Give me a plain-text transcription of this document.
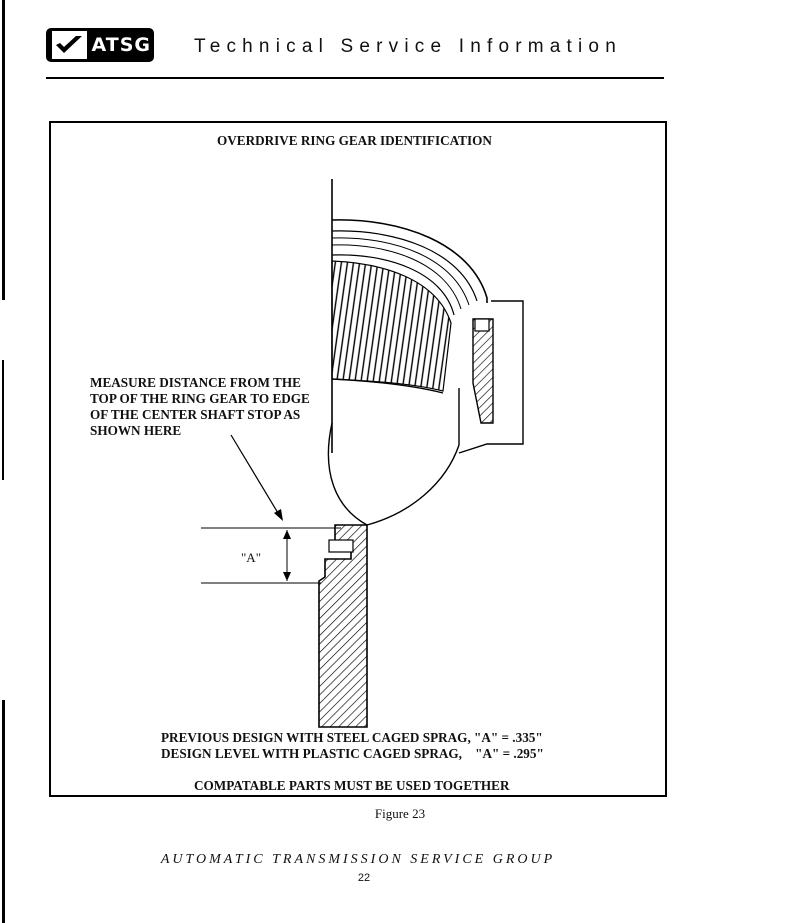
ATSG Technical Service Information
OVERDRIVE RING GEAR IDENTIFICATION
MEASURE DISTANCE FROM THE
TOP OF THE RING GEAR TO EDGE
OF THE CENTER SHAFT STOP AS
SHOWN HERE
"A"
PREVIOUS DESIGN WITH STEEL CAGED SPRAG, "A" = .335"
DESIGN LEVEL WITH PLASTIC CAGED SPRAG,    "A" = .295"
COMPATABLE PARTS MUST BE USED TOGETHER
Figure 23
AUTOMATIC TRANSMISSION SERVICE GROUP
22
